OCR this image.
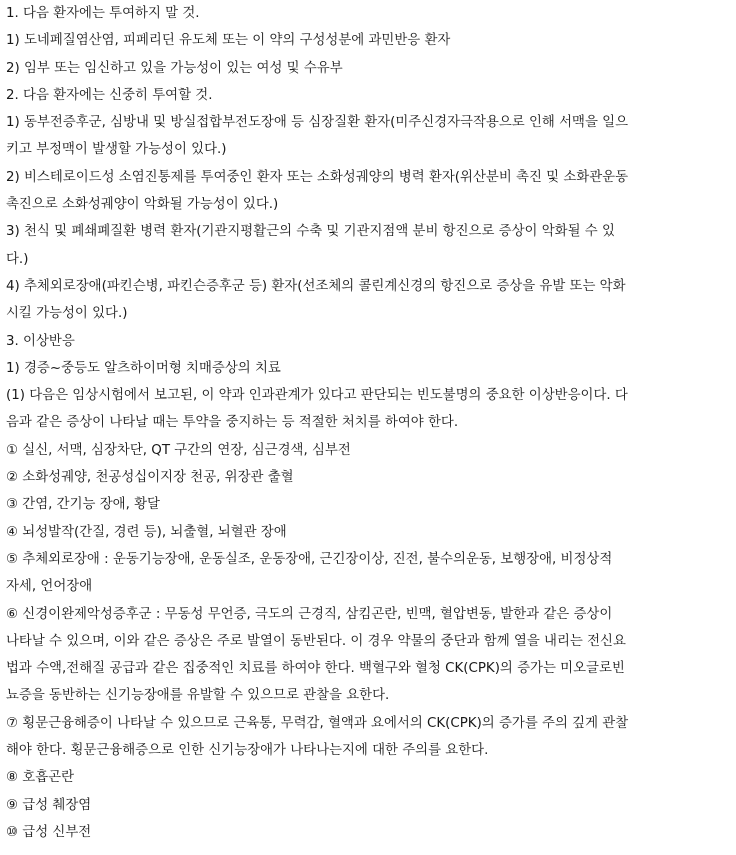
1. 다음 환자에는 투여하지 말 것.
1) 도네페질염산염, 피페리딘 유도체 또는 이 약의 구성성분에 과민반응 환자
2) 임부 또는 임신하고 있을 가능성이 있는 여성 및 수유부
2. 다음 환자에는 신중히 투여할 것.
1) 동부전증후군, 심방내 및 방실접합부전도장애 등 심장질환 환자(미주신경자극작용으로 인해 서맥을 일으
키고 부정맥이 발생할 가능성이 있다.)
2) 비스테로이드성 소염진통제를 투여중인 환자 또는 소화성궤양의 병력 환자(위산분비 촉진 및 소화관운동
촉진으로 소화성궤양이 악화될 가능성이 있다.)
3) 천식 및 폐쇄폐질환 병력 환자(기관지평활근의 수축 및 기관지점액 분비 항진으로 증상이 악화될 수 있
다.)
4) 추체외로장애(파킨슨병, 파킨슨증후군 등) 환자(선조체의 콜린계신경의 항진으로 증상을 유발 또는 악화
시킬 가능성이 있다.)
3. 이상반응
1) 경증~중등도 알츠하이머형 치매증상의 치료
(1) 다음은 임상시험에서 보고된, 이 약과 인과관계가 있다고 판단되는 빈도불명의 중요한 이상반응이다. 다
음과 같은 증상이 나타날 때는 투약을 중지하는 등 적절한 처치를 하여야 한다.
① 실신, 서맥, 심장차단, QT 구간의 연장, 심근경색, 심부전
② 소화성궤양, 천공성십이지장 천공, 위장관 출혈
③ 간염, 간기능 장애, 황달
④ 뇌성발작(간질, 경련 등), 뇌출혈, 뇌혈관 장애
⑤ 추체외로장애 : 운동기능장애, 운동실조, 운동장애, 근긴장이상, 진전, 불수의운동, 보행장애, 비정상적
자세, 언어장애
⑥ 신경이완제악성증후군 : 무동성 무언증, 극도의 근경직, 삼킴곤란, 빈맥, 혈압변동, 발한과 같은 증상이
나타날 수 있으며, 이와 같은 증상은 주로 발열이 동반된다. 이 경우 약물의 중단과 함께 열을 내리는 전신요
법과 수액,전해질 공급과 같은 집중적인 치료를 하여야 한다. 백혈구와 혈청 CK(CPK)의 증가는 미오글로빈
뇨증을 동반하는 신기능장애를 유발할 수 있으므로 관찰을 요한다.
⑦ 횡문근융해증이 나타날 수 있으므로 근육통, 무력감, 혈액과 요에서의 CK(CPK)의 증가를 주의 깊게 관찰
해야 한다. 횡문근융해증으로 인한 신기능장애가 나타나는지에 대한 주의를 요한다.
⑧ 호흡곤란
⑨ 급성 췌장염
⑩ 급성 신부전
